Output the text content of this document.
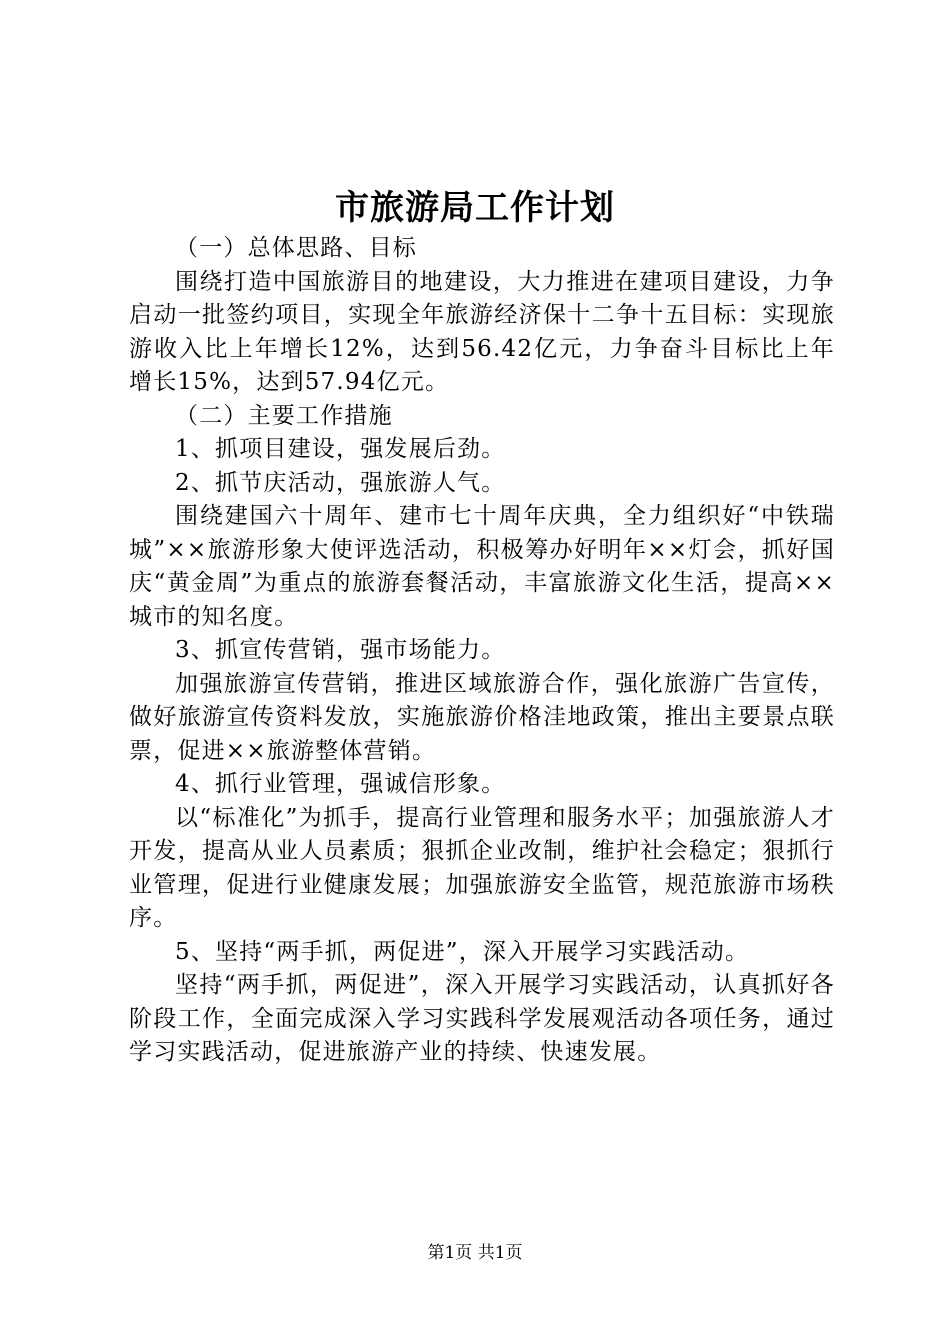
市旅游局工作计划

（一）总体思路、目标

围绕打造中国旅游目的地建设，大力推进在建项目建设，力争启动一批签约项目，实现全年旅游经济保十二争十五目标：实现旅游收入比上年增长12%，达到56.42亿元，力争奋斗目标比上年增长15%，达到57.94亿元。

（二）主要工作措施

1、抓项目建设，强发展后劲。

2、抓节庆活动，强旅游人气。

围绕建国六十周年、建市七十周年庆典，全力组织好“中铁瑞城”××旅游形象大使评选活动，积极筹办好明年××灯会，抓好国庆“黄金周”为重点的旅游套餐活动，丰富旅游文化生活，提高××城市的知名度。

3、抓宣传营销，强市场能力。

加强旅游宣传营销，推进区域旅游合作，强化旅游广告宣传，做好旅游宣传资料发放，实施旅游价格洼地政策，推出主要景点联票，促进××旅游整体营销。

4、抓行业管理，强诚信形象。

以“标准化”为抓手，提高行业管理和服务水平；加强旅游人才开发，提高从业人员素质；狠抓企业改制，维护社会稳定；狠抓行业管理，促进行业健康发展；加强旅游安全监管，规范旅游市场秩序。

5、坚持“两手抓，两促进”，深入开展学习实践活动。

坚持“两手抓，两促进”，深入开展学习实践活动，认真抓好各阶段工作，全面完成深入学习实践科学发展观活动各项任务，通过学习实践活动，促进旅游产业的持续、快速发展。

第1页 共1页
